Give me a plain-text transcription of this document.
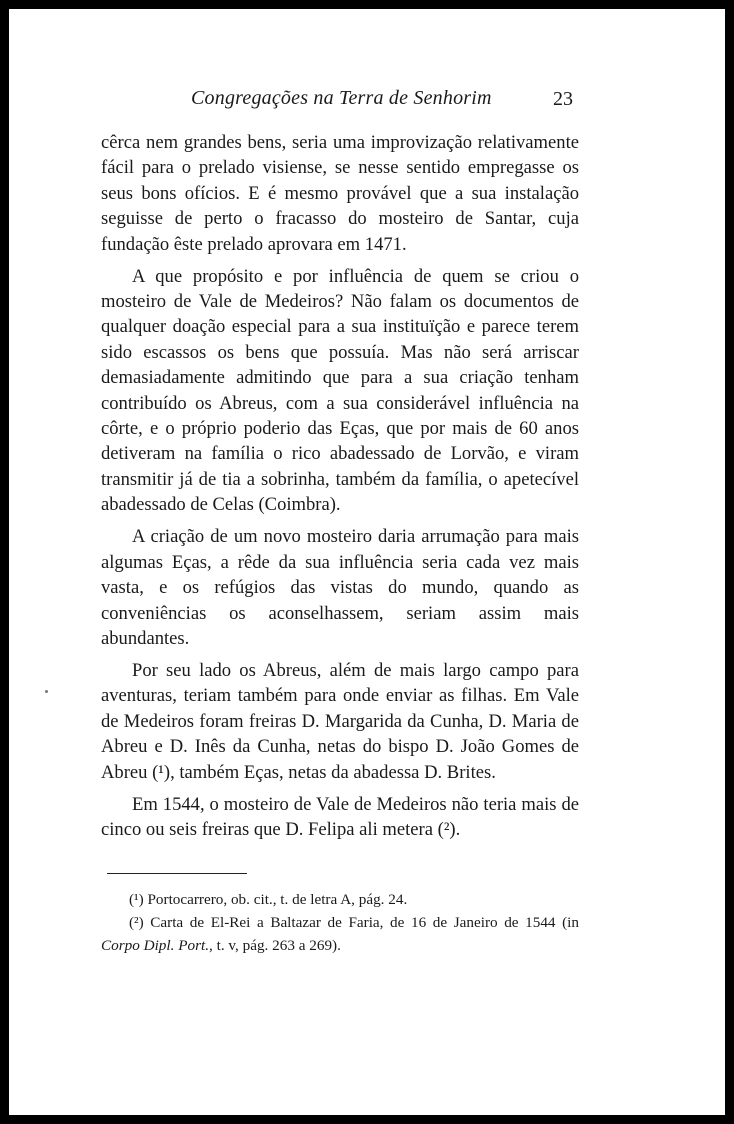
Congregações na Terra de Senhorim	23

cêrca nem grandes bens, seria uma improvização relativamente fácil para o prelado visiense, se nesse sentido empregasse os seus bons ofícios. E é mesmo provável que a sua instalação seguisse de perto o fracasso do mosteiro de Santar, cuja fundação êste prelado aprovara em 1471.

A que propósito e por influência de quem se criou o mosteiro de Vale de Medeiros? Não falam os documentos de qualquer doação especial para a sua instituïção e parece terem sido escassos os bens que possuía. Mas não será arriscar demasiadamente admitindo que para a sua criação tenham contribuído os Abreus, com a sua considerável influência na côrte, e o próprio poderio das Eças, que por mais de 60 anos detiveram na família o rico abadessado de Lorvão, e viram transmitir já de tia a sobrinha, também da família, o apetecível abadessado de Celas (Coimbra).

A criação de um novo mosteiro daria arrumação para mais algumas Eças, a rêde da sua influência seria cada vez mais vasta, e os refúgios das vistas do mundo, quando as conveniências os aconselhassem, seriam assim mais abundantes.

Por seu lado os Abreus, além de mais largo campo para aventuras, teriam também para onde enviar as filhas. Em Vale de Medeiros foram freiras D. Margarida da Cunha, D. Maria de Abreu e D. Inês da Cunha, netas do bispo D. João Gomes de Abreu (¹), também Eças, netas da abadessa D. Brites.

Em 1544, o mosteiro de Vale de Medeiros não teria mais de cinco ou seis freiras que D. Felipa ali metera (²).

(¹) Portocarrero, ob. cit., t. de letra A, pág. 24.

(²) Carta de El-Rei a Baltazar de Faria, de 16 de Janeiro de 1544 (in Corpo Dipl. Port., t. v, pág. 263 a 269).
